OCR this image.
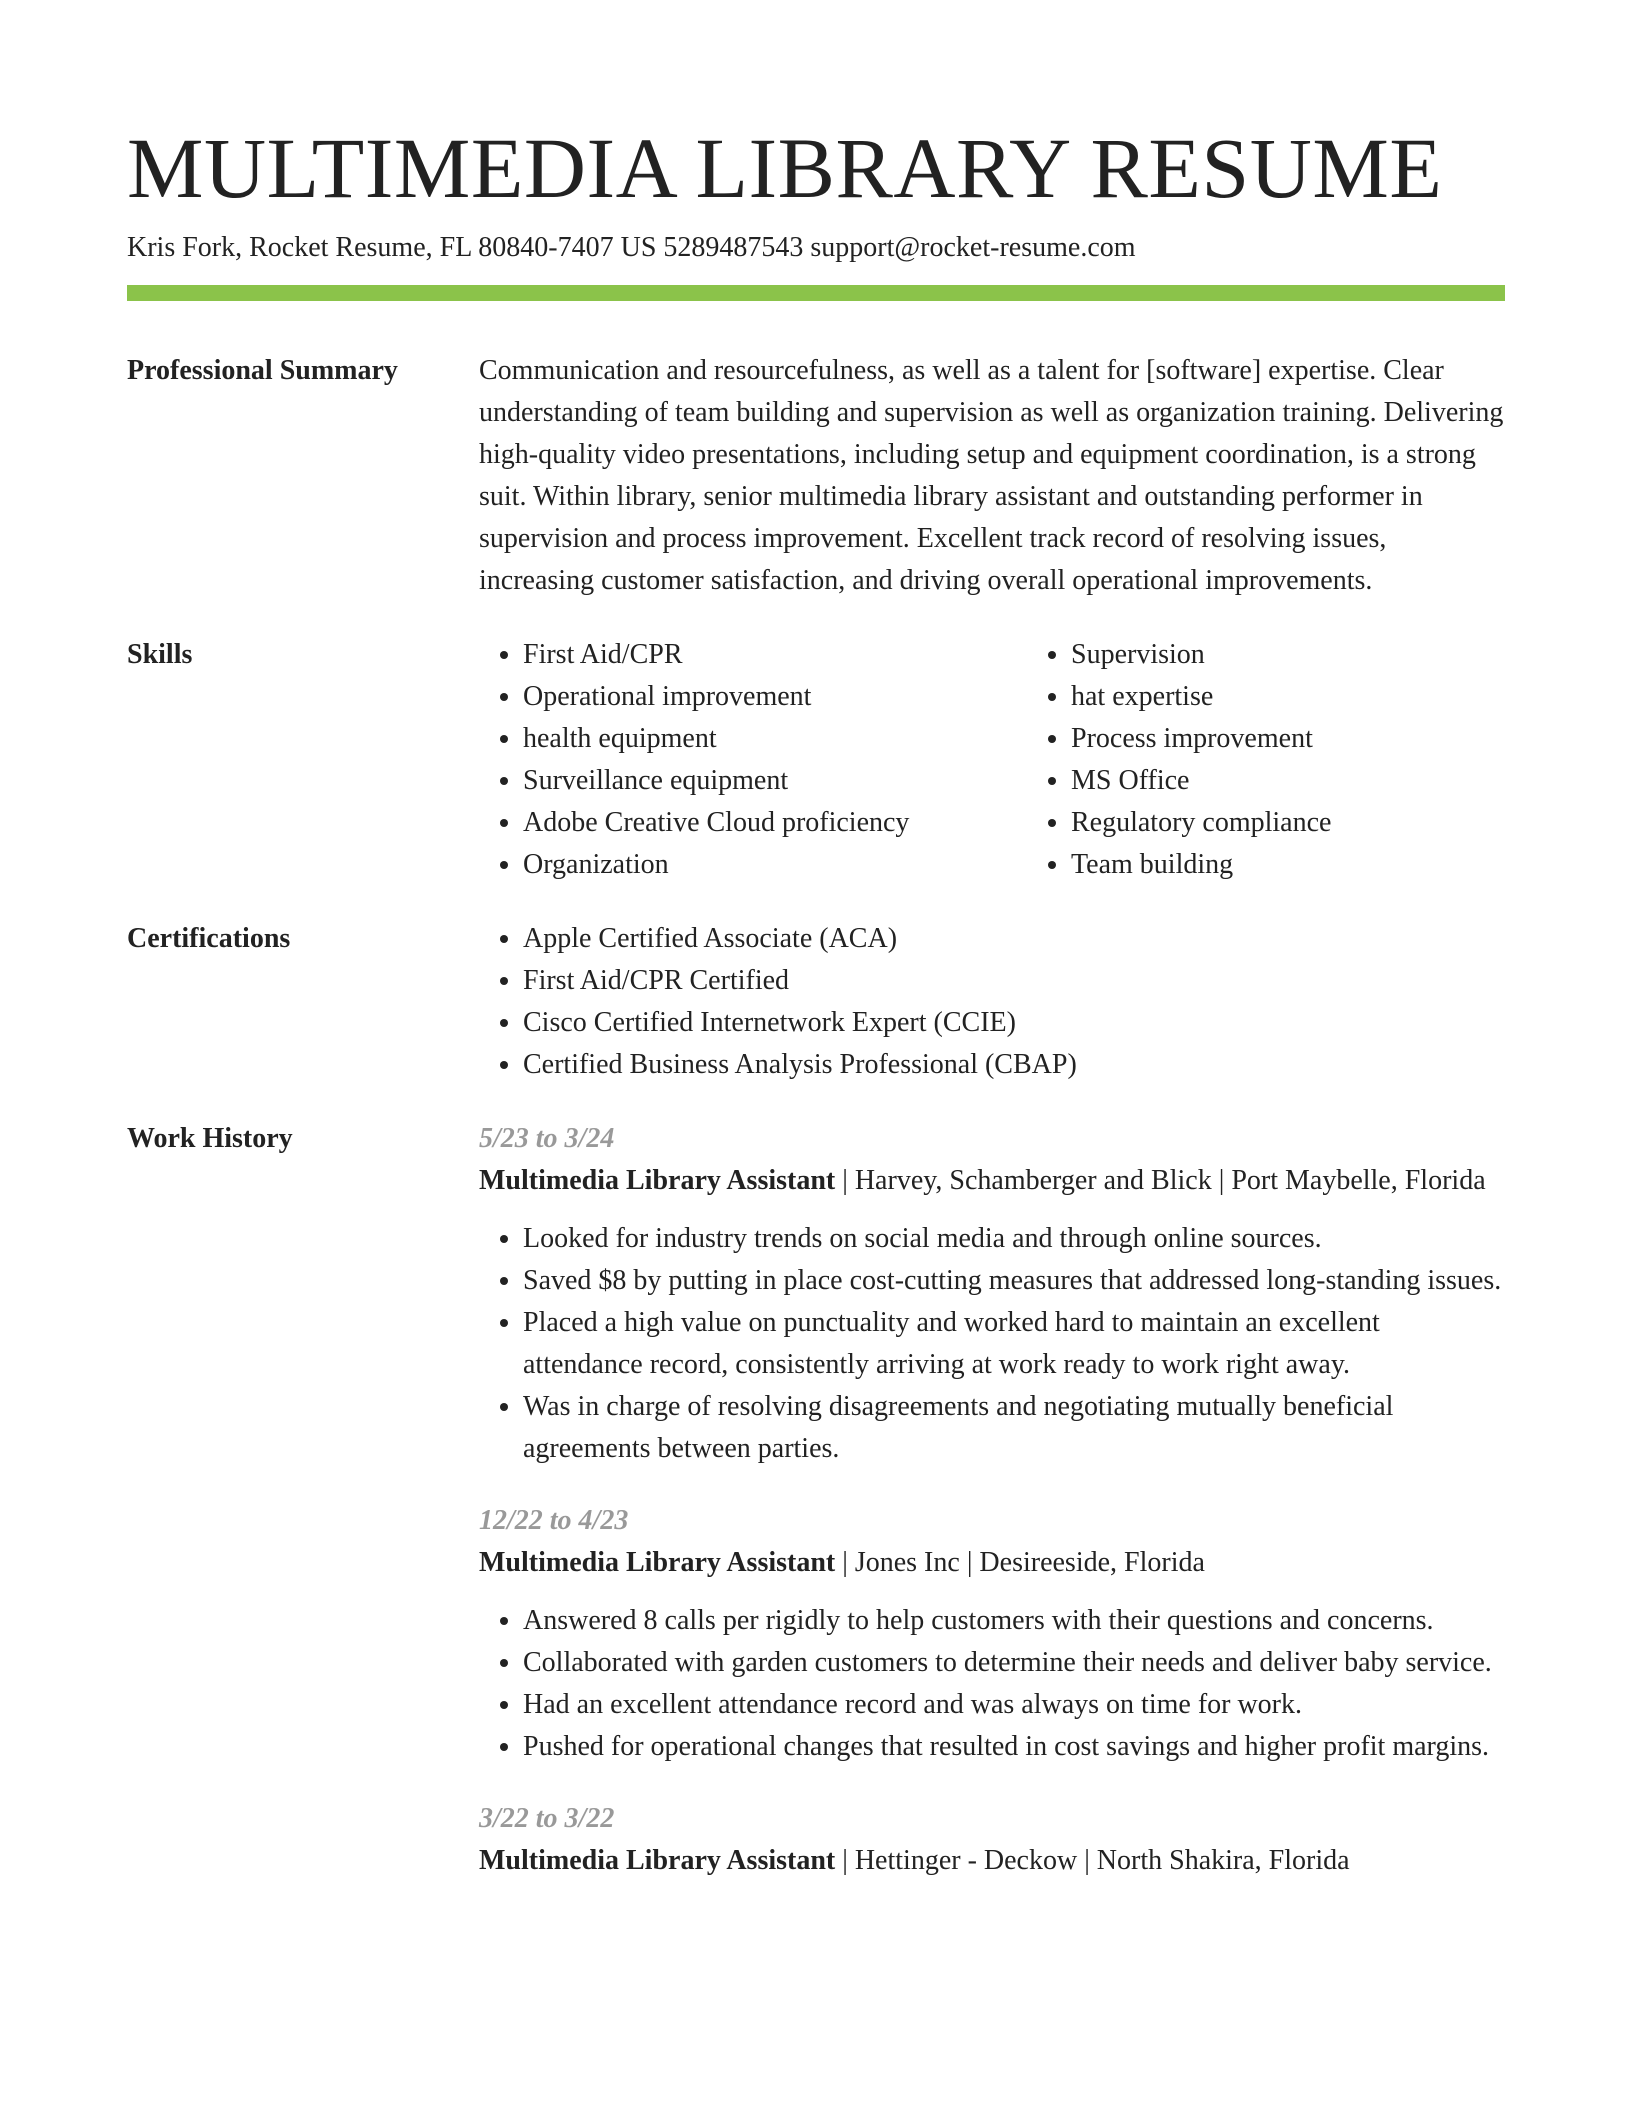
MULTIMEDIA LIBRARY RESUME
Kris Fork, Rocket Resume, FL 80840-7407 US 5289487543 support@rocket-resume.com
Professional Summary	Communication and resourcefulness, as well as a talent for [software] expertise. Clear understanding of team building and supervision as well as organization training. Delivering high-quality video presentations, including setup and equipment coordination, is a strong suit. Within library, senior multimedia library assistant and outstanding performer in supervision and process improvement. Excellent track record of resolving issues, increasing customer satisfaction, and driving overall operational improvements.

Skills	• First Aid/CPR
• Operational improvement
• health equipment
• Surveillance equipment
• Adobe Creative Cloud proficiency
• Organization
• Supervision
• hat expertise
• Process improvement
• MS Office
• Regulatory compliance
• Team building
Certifications	• Apple Certified Associate (ACA)
• First Aid/CPR Certified
• Cisco Certified Internetwork Expert (CCIE)
• Certified Business Analysis Professional (CBAP)
Work History	5/23 to 3/24
Multimedia Library Assistant | Harvey, Schamberger and Blick | Port Maybelle, Florida
• Looked for industry trends on social media and through online sources.
• Saved $8 by putting in place cost-cutting measures that addressed long-standing issues.
• Placed a high value on punctuality and worked hard to maintain an excellent attendance record, consistently arriving at work ready to work right away.
• Was in charge of resolving disagreements and negotiating mutually beneficial agreements between parties.
12/22 to 4/23
Multimedia Library Assistant | Jones Inc | Desireeside, Florida
• Answered 8 calls per rigidly to help customers with their questions and concerns.
• Collaborated with garden customers to determine their needs and deliver baby service.
• Had an excellent attendance record and was always on time for work.
• Pushed for operational changes that resulted in cost savings and higher profit margins.
3/22 to 3/22
Multimedia Library Assistant | Hettinger - Deckow | North Shakira, Florida
